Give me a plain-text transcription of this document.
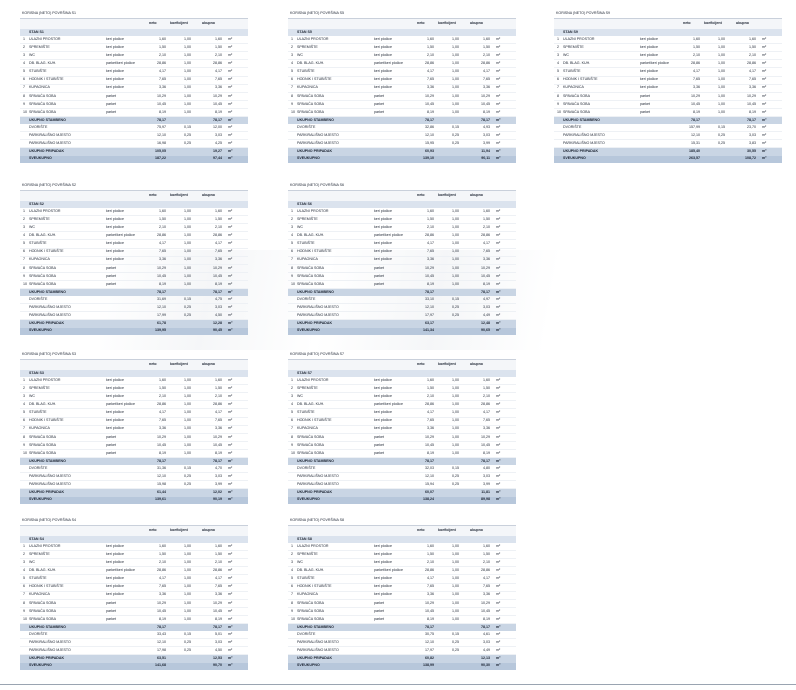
KORISNA (NETO) POVRŠINA S1
neto	koeficijent	ukupno
STAN S1
1	ULAZNI PROSTOR	keri pločice	1,60	1,00	1,60 m²
2	SPREMIŠTE	keri pločice	1,50	1,00	1,50 m²
3	WC	keri pločice	2,10	1,00	2,10 m²
4	DB. BLAG. KUH.	parket/keri pločice	28,86	1,00	28,86 m²
5	STUBIŠTE	keri pločice	4,17	1,00	4,17 m²
6	HODNIK I STUBIŠTE	keri pločice	7,65	1,00	7,65 m²
7	KUPAONICA	keri pločice	3,36	1,00	3,36 m²
8	SPAVAĆA SOBA	parket	10,29	1,00	10,29 m²
9	SPAVAĆA SOBA	parket	10,45	1,00	10,45 m²
10 SPAVAĆA SOBA	parket	8,19	1,00	8,19 m²
UKUPNO STAMBENO	78,17	78,17 m²
DVORIŠTE	75,97	0,15	12,00 m²
PARKIRALIŠNO MJESTO	12,10	0,25	3,03 m²
PARKIRALIŠNO MJESTO	16,98	0,25	4,25 m²
UKUPNO PRIPADAK	105,05	19,27 m²
SVEUKUPNO	187,22	97,44 m²
KORISNA (NETO) POVRŠINA S2
neto	koeficijent	ukupno
STAN S2
1	ULAZNI PROSTOR	keri pločice	1,60	1,00	1,60 m²
2	SPREMIŠTE	keri pločice	1,50	1,00	1,50 m²
3	WC	keri pločice	2,10	1,00	2,10 m²
4	DB. BLAG. KUH.	parket/keri pločice	28,86	1,00	28,86 m²
5	STUBIŠTE	keri pločice	4,17	1,00	4,17 m²
6	HODNIK I STUBIŠTE	keri pločice	7,65	1,00	7,65 m²
7	KUPAONICA	keri pločice	3,36	1,00	3,36 m²
8	SPAVAĆA SOBA	parket	10,29	1,00	10,29 m²
9	SPAVAĆA SOBA	parket	10,45	1,00	10,45 m²
10 SPAVAĆA SOBA	parket	8,19	1,00	8,19 m²
UKUPNO STAMBENO	78,17	78,17 m²
DVORIŠTE	31,69	0,15	4,75 m²
PARKIRALIŠNO MJESTO	12,10	0,25	3,03 m²
PARKIRALIŠNO MJESTO	17,99	0,25	4,50 m²
UKUPNO PRIPADAK	61,78	12,28 m²
SVEUKUPNO	139,95	90,45 m²
KORISNA (NETO) POVRŠINA S3
neto	koeficijent	ukupno
STAN S3
1	ULAZNI PROSTOR	keri pločice	1,60	1,00	1,60 m²
2	SPREMIŠTE	keri pločice	1,50	1,00	1,50 m²
3	WC	keri pločice	2,10	1,00	2,10 m²
4	DB. BLAG. KUH.	parket/keri pločice	28,86	1,00	28,86 m²
5	STUBIŠTE	keri pločice	4,17	1,00	4,17 m²
6	HODNIK I STUBIŠTE	keri pločice	7,65	1,00	7,65 m²
7	KUPAONICA	keri pločice	3,36	1,00	3,36 m²
8	SPAVAĆA SOBA	parket	10,29	1,00	10,29 m²
9	SPAVAĆA SOBA	parket	10,45	1,00	10,45 m²
10 SPAVAĆA SOBA	parket	8,19	1,00	8,19 m²
UKUPNO STAMBENO	78,17	78,17 m²
DVORIŠTE	31,36	0,15	4,70 m²
PARKIRALIŠNO MJESTO	12,10	0,25	3,03 m²
PARKIRALIŠNO MJESTO	15,98	0,25	3,99 m²
UKUPNO PRIPADAK	61,44	12,02 m²
SVEUKUPNO	139,61	90,19 m²
KORISNA (NETO) POVRŠINA S4
neto	koeficijent	ukupno
STAN S4
1	ULAZNI PROSTOR	keri pločice	1,60	1,00	1,60 m²
2	SPREMIŠTE	keri pločice	1,50	1,00	1,50 m²
3	WC	keri pločice	2,10	1,00	2,10 m²
4	DB. BLAG. KUH.	parket/keri pločice	28,86	1,00	28,86 m²
5	STUBIŠTE	keri pločice	4,17	1,00	4,17 m²
6	HODNIK I STUBIŠTE	keri pločice	7,65	1,00	7,65 m²
7	KUPAONICA	keri pločice	3,36	1,00	3,36 m²
8	SPAVAĆA SOBA	parket	10,29	1,00	10,29 m²
9	SPAVAĆA SOBA	parket	10,45	1,00	10,45 m²
10 SPAVAĆA SOBA	parket	8,19	1,00	8,19 m²
UKUPNO STAMBENO	78,17	78,17 m²
DVORIŠTE	33,43	0,15	5,01 m²
PARKIRALIŠNO MJESTO	12,10	0,25	3,03 m²
PARKIRALIŠNO MJESTO	17,98	0,25	4,50 m²
UKUPNO PRIPADAK	63,51	12,53 m²
SVEUKUPNO	141,68	90,70 m²
KORISNA (NETO) POVRŠINA S5
neto	koeficijent	ukupno
STAN S5
1	ULAZNI PROSTOR	keri pločice	1,60	1,00	1,60 m²
2	SPREMIŠTE	keri pločice	1,50	1,00	1,50 m²
3	WC	keri pločice	2,10	1,00	2,10 m²
4	DB. BLAG. KUH.	parket/keri pločice	28,86	1,00	28,86 m²
5	STUBIŠTE	keri pločice	4,17	1,00	4,17 m²
6	HODNIK I STUBIŠTE	keri pločice	7,65	1,00	7,65 m²
7	KUPAONICA	keri pločice	3,36	1,00	3,36 m²
8	SPAVAĆA SOBA	parket	10,29	1,00	10,29 m²
9	SPAVAĆA SOBA	parket	10,45	1,00	10,45 m²
10 SPAVAĆA SOBA	parket	8,19	1,00	8,19 m²
UKUPNO STAMBENO	78,17	78,17 m²
DVORIŠTE	32,86	0,15	4,93 m²
PARKIRALIŠNO MJESTO	12,10	0,25	3,03 m²
PARKIRALIŠNO MJESTO	15,95	0,25	3,99 m²
UKUPNO PRIPADAK	60,93	11,94 m²
SVEUKUPNO	139,10	90,11 m²
KORISNA (NETO) POVRŠINA S6
neto	koeficijent	ukupno
STAN S6
1	ULAZNI PROSTOR	keri pločice	1,60	1,00	1,60 m²
2	SPREMIŠTE	keri pločice	1,50	1,00	1,50 m²
3	WC	keri pločice	2,10	1,00	2,10 m²
4	DB. BLAG. KUH.	parket/keri pločice	28,86	1,00	28,86 m²
5	STUBIŠTE	keri pločice	4,17	1,00	4,17 m²
6	HODNIK I STUBIŠTE	keri pločice	7,65	1,00	7,65 m²
7	KUPAONICA	keri pločice	3,36	1,00	3,36 m²
8	SPAVAĆA SOBA	parket	10,29	1,00	10,29 m²
9	SPAVAĆA SOBA	parket	10,45	1,00	10,45 m²
10 SPAVAĆA SOBA	parket	8,19	1,00	8,19 m²
UKUPNO STAMBENO	78,17	78,17 m²
DVORIŠTE	33,10	0,15	4,97 m²
PARKIRALIŠNO MJESTO	12,10	0,25	3,03 m²
PARKIRALIŠNO MJESTO	17,97	0,25	4,49 m²
UKUPNO PRIPADAK	63,17	12,48 m²
SVEUKUPNO	141,34	90,65 m²
KORISNA (NETO) POVRŠINA S7
neto	koeficijent	ukupno
STAN S7
1	ULAZNI PROSTOR	keri pločice	1,60	1,00	1,60 m²
2	SPREMIŠTE	keri pločice	1,50	1,00	1,50 m²
3	WC	keri pločice	2,10	1,00	2,10 m²
4	DB. BLAG. KUH.	parket/keri pločice	28,86	1,00	28,86 m²
5	STUBIŠTE	keri pločice	4,17	1,00	4,17 m²
6	HODNIK I STUBIŠTE	keri pločice	7,65	1,00	7,65 m²
7	KUPAONICA	keri pločice	3,36	1,00	3,36 m²
8	SPAVAĆA SOBA	parket	10,29	1,00	10,29 m²
9	SPAVAĆA SOBA	parket	10,45	1,00	10,45 m²
10 SPAVAĆA SOBA	parket	8,19	1,00	8,19 m²
UKUPNO STAMBENO	78,17	78,17 m²
DVORIŠTE	32,03	0,15	4,80 m²
PARKIRALIŠNO MJESTO	12,10	0,25	3,03 m²
PARKIRALIŠNO MJESTO	15,94	0,25	3,99 m²
UKUPNO PRIPADAK	60,07	11,81 m²
SVEUKUPNO	138,24	89,98 m²
KORISNA (NETO) POVRŠINA S8
neto	koeficijent	ukupno
STAN S8
1	ULAZNI PROSTOR	keri pločice	1,60	1,00	1,60 m²
2	SPREMIŠTE	keri pločice	1,50	1,00	1,50 m²
3	WC	keri pločice	2,10	1,00	2,10 m²
4	DB. BLAG. KUH.	parket/keri pločice	28,86	1,00	28,86 m²
5	STUBIŠTE	keri pločice	4,17	1,00	4,17 m²
6	HODNIK I STUBIŠTE	keri pločice	7,65	1,00	7,65 m²
7	KUPAONICA	keri pločice	3,36	1,00	3,36 m²
8	SPAVAĆA SOBA	parket	10,29	1,00	10,29 m²
9	SPAVAĆA SOBA	parket	10,45	1,00	10,45 m²
10 SPAVAĆA SOBA	parket	8,19	1,00	8,19 m²
UKUPNO STAMBENO	78,17	78,17 m²
DVORIŠTE	30,75	0,15	4,61 m²
PARKIRALIŠNO MJESTO	12,10	0,25	3,03 m²
PARKIRALIŠNO MJESTO	17,97	0,25	4,49 m²
UKUPNO PRIPADAK	60,82	12,13 m²
SVEUKUPNO	138,99	90,30 m²
KORISNA (NETO) POVRŠINA S9
neto	koeficijent	ukupno
STAN S9
1	ULAZNI PROSTOR	keri pločice	1,60	1,00	1,60 m²
2	SPREMIŠTE	keri pločice	1,50	1,00	1,50 m²
3	WC	keri pločice	2,10	1,00	2,10 m²
4	DB. BLAG. KUH.	parket/keri pločice	28,86	1,00	28,86 m²
5	STUBIŠTE	keri pločice	4,17	1,00	4,17 m²
6	HODNIK I STUBIŠTE	keri pločice	7,65	1,00	7,65 m²
7	KUPAONICA	keri pločice	3,36	1,00	3,36 m²
8	SPAVAĆA SOBA	parket	10,29	1,00	10,29 m²
9	SPAVAĆA SOBA	parket	10,45	1,00	10,45 m²
10 SPAVAĆA SOBA	parket	8,19	1,00	8,19 m²
UKUPNO STAMBENO	78,17	78,17 m²
DVORIŠTE	157,99	0,15	23,70 m²
PARKIRALIŠNO MJESTO	12,10	0,25	3,03 m²
PARKIRALIŠNO MJESTO	15,31	0,25	3,83 m²
UKUPNO PRIPADAK	185,40	30,55 m²
SVEUKUPNO	263,57	108,72 m²
